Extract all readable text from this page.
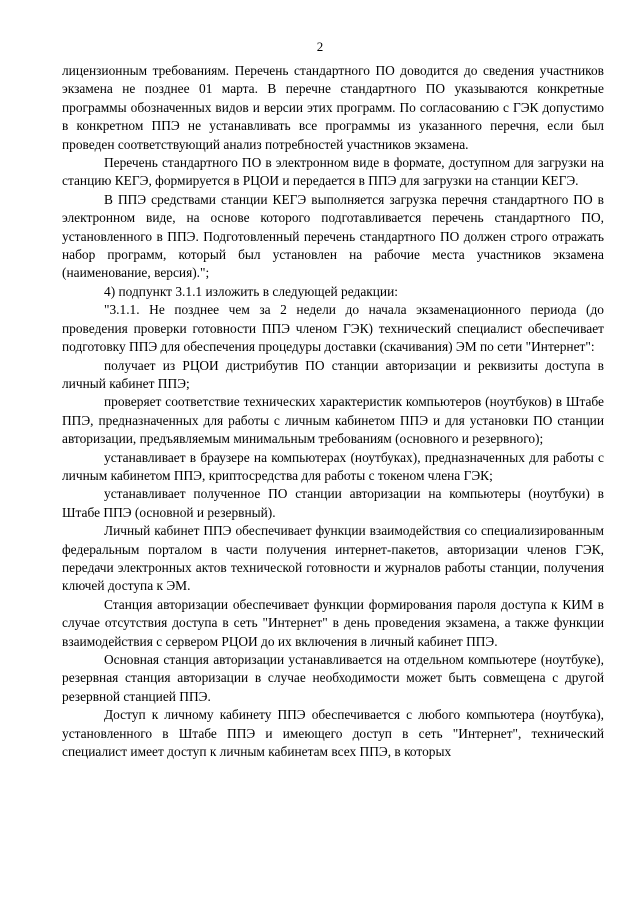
2

лицензионным требованиям. Перечень стандартного ПО доводится до сведения участников экзамена не позднее 01 марта. В перечне стандартного ПО указываются конкретные программы обозначенных видов и версии этих программ. По согласованию с ГЭК допустимо в конкретном ППЭ не устанавливать все программы из указанного перечня, если был проведен соответствующий анализ потребностей участников экзамена.

Перечень стандартного ПО в электронном виде в формате, доступном для загрузки на станцию КЕГЭ, формируется в РЦОИ и передается в ППЭ для загрузки на станции КЕГЭ.

В ППЭ средствами станции КЕГЭ выполняется загрузка перечня стандартного ПО в электронном виде, на основе которого подготавливается перечень стандартного ПО, установленного в ППЭ. Подготовленный перечень стандартного ПО должен строго отражать набор программ, который был установлен на рабочие места участников экзамена (наименование, версия).";

4) подпункт 3.1.1 изложить в следующей редакции:

"3.1.1. Не позднее чем за 2 недели до начала экзаменационного периода (до проведения проверки готовности ППЭ членом ГЭК) технический специалист обеспечивает подготовку ППЭ для обеспечения процедуры доставки (скачивания) ЭМ по сети "Интернет":

получает из РЦОИ дистрибутив ПО станции авторизации и реквизиты доступа в личный кабинет ППЭ;

проверяет соответствие технических характеристик компьютеров (ноутбуков) в Штабе ППЭ, предназначенных для работы с личным кабинетом ППЭ и для установки ПО станции авторизации, предъявляемым минимальным требованиям (основного и резервного);

устанавливает в браузере на компьютерах (ноутбуках), предназначенных для работы с личным кабинетом ППЭ, криптосредства для работы с токеном члена ГЭК;

устанавливает полученное ПО станции авторизации на компьютеры (ноутбуки) в Штабе ППЭ (основной и резервный).

Личный кабинет ППЭ обеспечивает функции взаимодействия со специализированным федеральным порталом в части получения интернет-пакетов, авторизации членов ГЭК, передачи электронных актов технической готовности и журналов работы станции, получения ключей доступа к ЭМ.

Станция авторизации обеспечивает функции формирования пароля доступа к КИМ в случае отсутствия доступа в сеть "Интернет" в день проведения экзамена, а также функции взаимодействия с сервером РЦОИ до их включения в личный кабинет ППЭ.

Основная станция авторизации устанавливается на отдельном компьютере (ноутбуке), резервная станция авторизации в случае необходимости может быть совмещена с другой резервной станцией ППЭ.

Доступ к личному кабинету ППЭ обеспечивается с любого компьютера (ноутбука), установленного в Штабе ППЭ и имеющего доступ в сеть "Интернет", технический специалист имеет доступ к личным кабинетам всех ППЭ, в которых
